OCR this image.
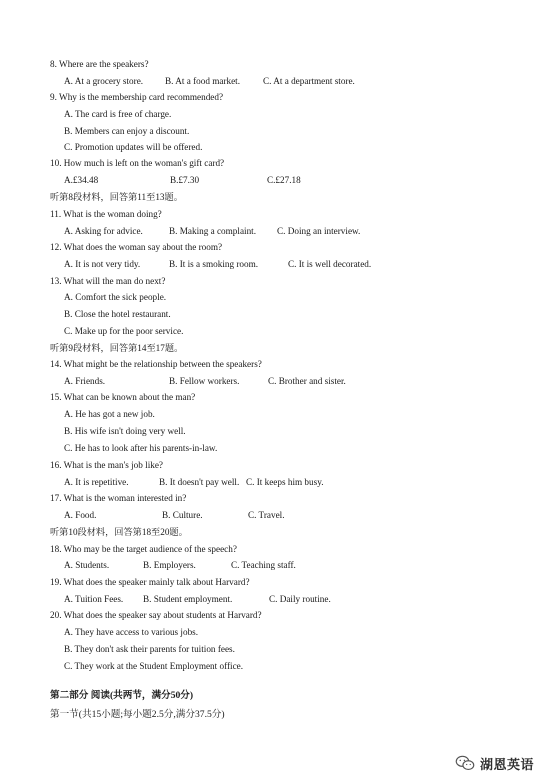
8. Where are the speakers?
A. At a grocery store. B. At a food market. C. At a department store.
9. Why is the membership card recommended?
A. The card is free of charge.
B. Members can enjoy a discount.
C. Promotion updates will be offered.
10. How much is left on the woman's gift card?
A.£34.48	B.£7.30	C.£27.18
听第8段材料，回答第11至13题。
11. What is the woman doing?
A. Asking for advice.	B. Making a complaint. C. Doing an interview.
12. What does the woman say about the room?
A. It is not very tidy.	B. It is a smoking room.	C. It is well decorated.
13. What will the man do next?
A. Comfort the sick people.
B. Close the hotel restaurant.
C. Make up for the poor service.
听第9段材料，回答第14至17题。
14. What might be the relationship between the speakers?
A. Friends.	B. Fellow workers.	C. Brother and sister.
15. What can be known about the man?
A. He has got a new job.
B. His wife isn't doing very well.
C. He has to look after his parents-in-law.
16. What is the man's job like?
A. It is repetitive.	B. It doesn't pay well. C. It keeps him busy.
17. What is the woman interested in?
A. Food.	B. Culture.	C. Travel.
听第10段材料，回答第18至20题。
18. Who may be the target audience of the speech?
A. Students.	B. Employers.	C. Teaching staff.
19. What does the speaker mainly talk about Harvard?
A. Tuition Fees. B. Student employment.	C. Daily routine.
20. What does the speaker say about students at Harvard?
A. They have access to various jobs.
B. They don't ask their parents for tuition fees.
C. They work at the Student Employment office.
第二部分 阅读(共两节，满分50分)
第一节(共15小题;每小题2.5分,满分37.5分)
湖恩英语
